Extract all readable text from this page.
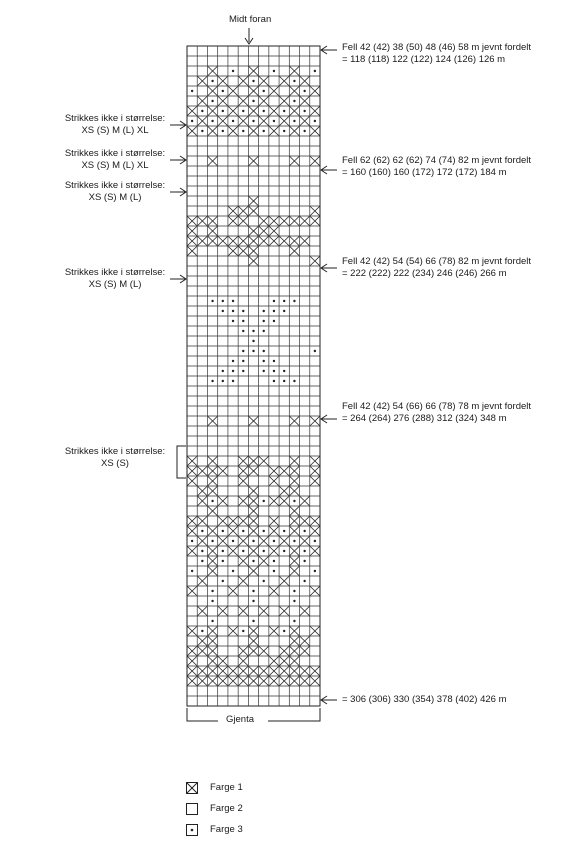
Midt foran
Gjenta
Fell 42 (42) 38 (50) 48 (46) 58 m jevnt fordelt
= 118 (118) 122 (122) 124 (126) 126 m
Fell 62 (62) 62 (62) 74 (74) 82 m jevnt fordelt
= 160 (160) 160 (172) 172 (172) 184 m
Fell 42 (42) 54 (54) 66 (78) 82 m jevnt fordelt
= 222 (222) 222 (234) 246 (246) 266 m
Fell 42 (42) 54 (66) 66 (78) 78 m jevnt fordelt
= 264 (264) 276 (288) 312 (324) 348 m
= 306 (306) 330 (354) 378 (402) 426 m
Strikkes ikke i størrelse:
XS (S) M (L) XL
Strikkes ikke i størrelse:
XS (S) M (L) XL
Strikkes ikke i størrelse:
XS (S) M (L)
Strikkes ikke i størrelse:
XS (S) M (L)
Strikkes ikke i størrelse:
XS (S)
Farge 1
Farge 2
Farge 3
